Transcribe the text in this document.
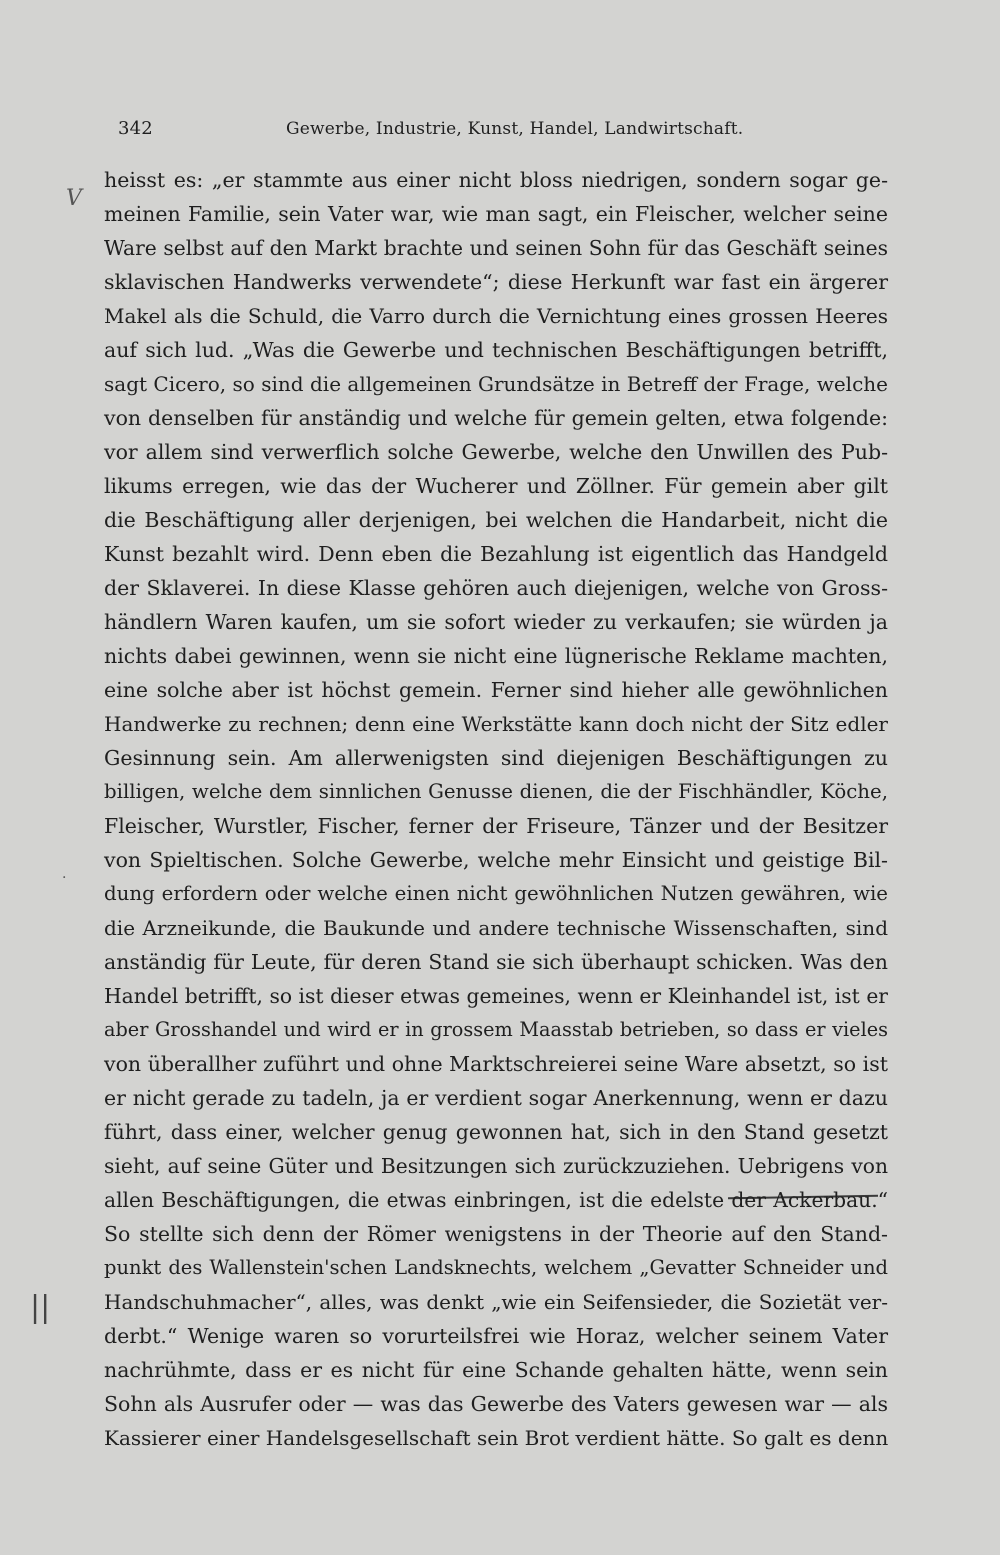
342	Gewerbe, Industrie, Kunst, Handel, Landwirtschaft.
V
·
||
heisst es: „er stammte aus einer nicht bloss niedrigen, sondern sogar ge-
meinen Familie, sein Vater war, wie man sagt, ein Fleischer, welcher seine
Ware selbst auf den Markt brachte und seinen Sohn für das Geschäft seines
sklavischen Handwerks verwendete“; diese Herkunft war fast ein ärgerer
Makel als die Schuld, die Varro durch die Vernichtung eines grossen Heeres
auf sich lud. „Was die Gewerbe und technischen Beschäftigungen betrifft,
sagt Cicero, so sind die allgemeinen Grundsätze in Betreff der Frage, welche
von denselben für anständig und welche für gemein gelten, etwa folgende:
vor allem sind verwerflich solche Gewerbe, welche den Unwillen des Pub-
likums erregen, wie das der Wucherer und Zöllner. Für gemein aber gilt
die Beschäftigung aller derjenigen, bei welchen die Handarbeit, nicht die
Kunst bezahlt wird. Denn eben die Bezahlung ist eigentlich das Handgeld
der Sklaverei. In diese Klasse gehören auch diejenigen, welche von Gross-
händlern Waren kaufen, um sie sofort wieder zu verkaufen; sie würden ja
nichts dabei gewinnen, wenn sie nicht eine lügnerische Reklame machten,
eine solche aber ist höchst gemein. Ferner sind hieher alle gewöhnlichen
Handwerke zu rechnen; denn eine Werkstätte kann doch nicht der Sitz edler
Gesinnung sein. Am allerwenigsten sind diejenigen Beschäftigungen zu
billigen, welche dem sinnlichen Genusse dienen, die der Fischhändler, Köche,
Fleischer, Wurstler, Fischer, ferner der Friseure, Tänzer und der Besitzer
von Spieltischen. Solche Gewerbe, welche mehr Einsicht und geistige Bil-
dung erfordern oder welche einen nicht gewöhnlichen Nutzen gewähren, wie
die Arzneikunde, die Baukunde und andere technische Wissenschaften, sind
anständig für Leute, für deren Stand sie sich überhaupt schicken. Was den
Handel betrifft, so ist dieser etwas gemeines, wenn er Kleinhandel ist, ist er
aber Grosshandel und wird er in grossem Maasstab betrieben, so dass er vieles
von überallher zuführt und ohne Marktschreierei seine Ware absetzt, so ist
er nicht gerade zu tadeln, ja er verdient sogar Anerkennung, wenn er dazu
führt, dass einer, welcher genug gewonnen hat, sich in den Stand gesetzt
sieht, auf seine Güter und Besitzungen sich zurückzuziehen. Uebrigens von
allen Beschäftigungen, die etwas einbringen, ist die edelste der Ackerbau.“
So stellte sich denn der Römer wenigstens in der Theorie auf den Stand-
punkt des Wallenstein'schen Landsknechts, welchem „Gevatter Schneider und
Handschuhmacher“, alles, was denkt „wie ein Seifensieder, die Sozietät ver-
derbt.“ Wenige waren so vorurteilsfrei wie Horaz, welcher seinem Vater
nachrühmte, dass er es nicht für eine Schande gehalten hätte, wenn sein
Sohn als Ausrufer oder — was das Gewerbe des Vaters gewesen war — als
Kassierer einer Handelsgesellschaft sein Brot verdient hätte. So galt es denn
